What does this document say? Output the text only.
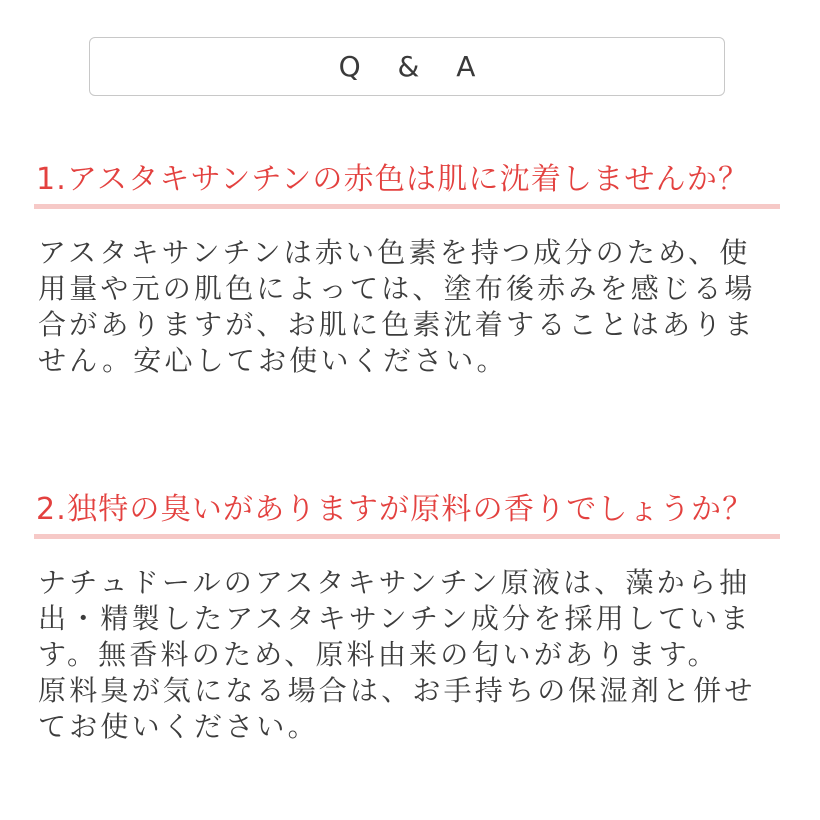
Q & A
1.アスタキサンチンの赤色は肌に沈着しませんか？

アスタキサンチンは赤い色素を持つ成分のため、使
用量や元の肌色によっては、塗布後赤みを感じる場
合がありますが、お肌に色素沈着することはありま
せん。安心してお使いください。

2.独特の臭いがありますが原料の香りでしょうか？

ナチュドールのアスタキサンチン原液は、藻から抽
出・精製したアスタキサンチン成分を採用していま
す。無香料のため、原料由来の匂いがあります。
原料臭が気になる場合は、お手持ちの保湿剤と併せ
てお使いください。
